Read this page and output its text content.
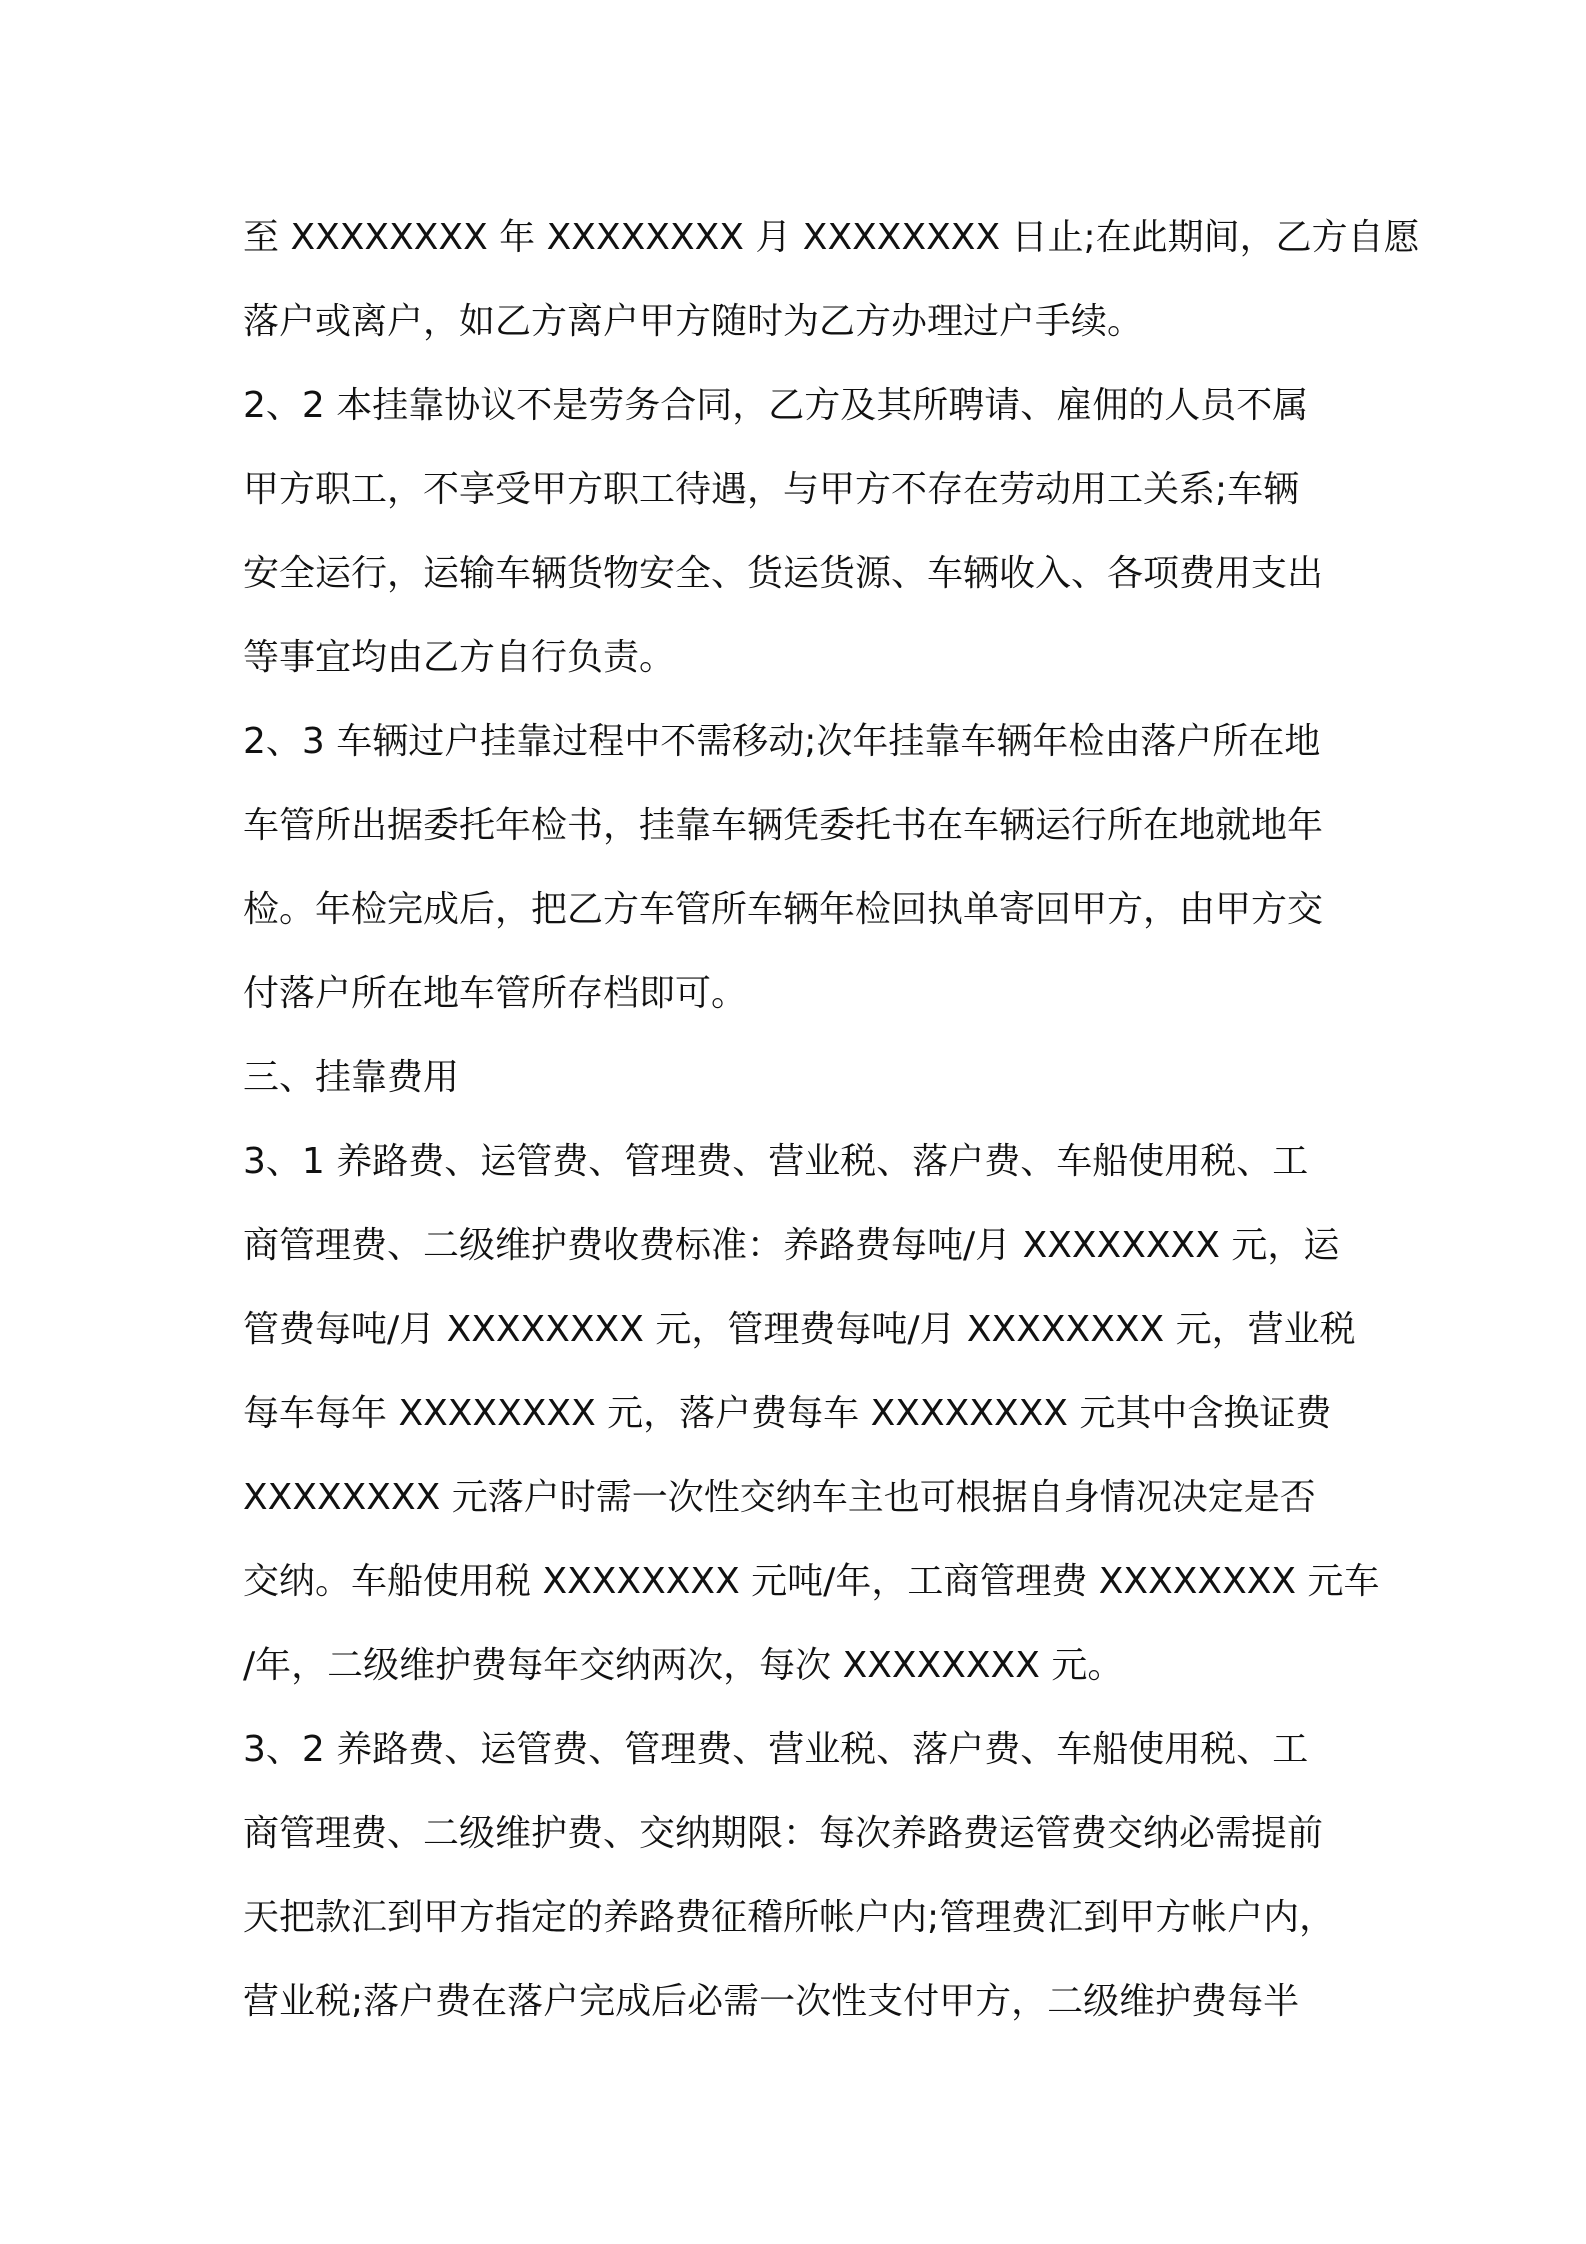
至 XXXXXXXX 年 XXXXXXXX 月 XXXXXXXX 日止;在此期间，乙方自愿
落户或离户，如乙方离户甲方随时为乙方办理过户手续。
2、2 本挂靠协议不是劳务合同，乙方及其所聘请、雇佣的人员不属
甲方职工，不享受甲方职工待遇，与甲方不存在劳动用工关系;车辆
安全运行，运输车辆货物安全、货运货源、车辆收入、各项费用支出
等事宜均由乙方自行负责。
2、3 车辆过户挂靠过程中不需移动;次年挂靠车辆年检由落户所在地
车管所出据委托年检书，挂靠车辆凭委托书在车辆运行所在地就地年
检。年检完成后，把乙方车管所车辆年检回执单寄回甲方，由甲方交
付落户所在地车管所存档即可。
三、挂靠费用
3、1 养路费、运管费、管理费、营业税、落户费、车船使用税、工
商管理费、二级维护费收费标准：养路费每吨/月 XXXXXXXX 元，运
管费每吨/月 XXXXXXXX 元，管理费每吨/月 XXXXXXXX 元，营业税
每车每年 XXXXXXXX 元，落户费每车 XXXXXXXX 元其中含换证费
XXXXXXXX 元落户时需一次性交纳车主也可根据自身情况决定是否
交纳。车船使用税 XXXXXXXX 元吨/年，工商管理费 XXXXXXXX 元车
/年，二级维护费每年交纳两次，每次 XXXXXXXX 元。
3、2 养路费、运管费、管理费、营业税、落户费、车船使用税、工
商管理费、二级维护费、交纳期限：每次养路费运管费交纳必需提前
天把款汇到甲方指定的养路费征稽所帐户内;管理费汇到甲方帐户内，
营业税;落户费在落户完成后必需一次性支付甲方，二级维护费每半
